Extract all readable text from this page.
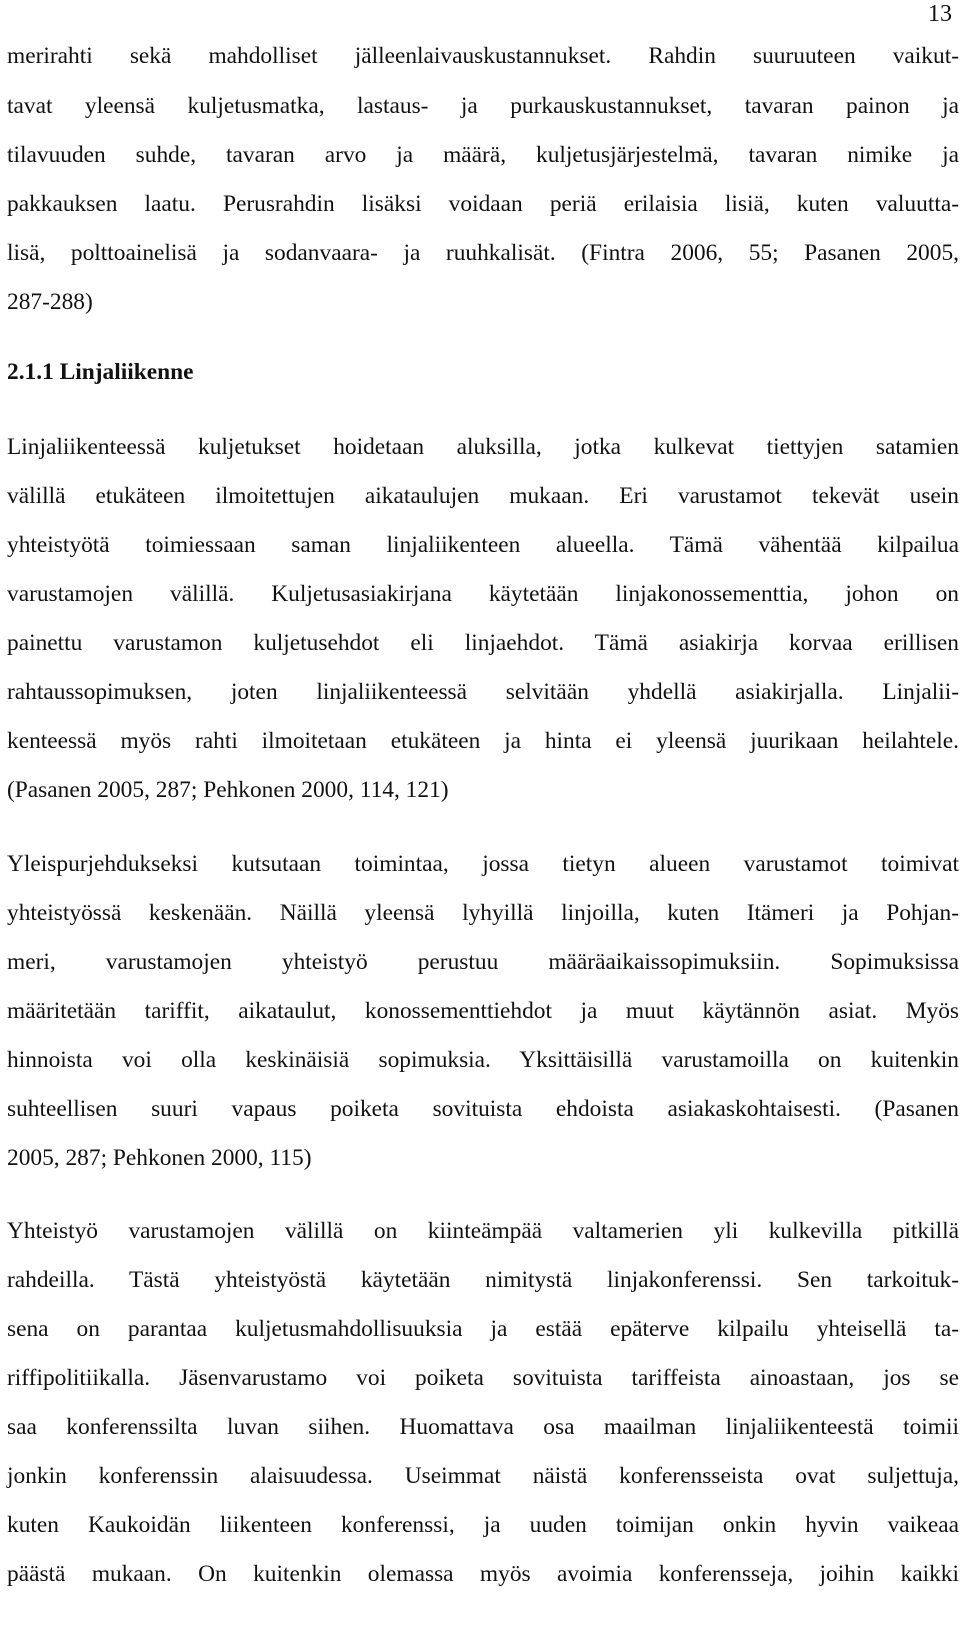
13
merirahti sekä mahdolliset jälleenlaivauskustannukset. Rahdin suuruuteen vaikut-
tavat yleensä kuljetusmatka, lastaus- ja purkauskustannukset, tavaran painon ja
tilavuuden suhde, tavaran arvo ja määrä, kuljetusjärjestelmä, tavaran nimike ja
pakkauksen laatu. Perusrahdin lisäksi voidaan periä erilaisia lisiä, kuten valuutta-
lisä, polttoainelisä ja sodanvaara- ja ruuhkalisät. (Fintra 2006, 55; Pasanen 2005,
287-288)
2.1.1 Linjaliikenne
Linjaliikenteessä kuljetukset hoidetaan aluksilla, jotka kulkevat tiettyjen satamien
välillä etukäteen ilmoitettujen aikataulujen mukaan. Eri varustamot tekevät usein
yhteistyötä toimiessaan saman linjaliikenteen alueella. Tämä vähentää kilpailua
varustamojen välillä. Kuljetusasiakirjana käytetään linjakonossementtia, johon on
painettu varustamon kuljetusehdot eli linjaehdot. Tämä asiakirja korvaa erillisen
rahtaussopimuksen, joten linjaliikenteessä selvitään yhdellä asiakirjalla. Linjalii-
kenteessä myös rahti ilmoitetaan etukäteen ja hinta ei yleensä juurikaan heilahtele.
(Pasanen 2005, 287; Pehkonen 2000, 114, 121)
Yleispurjehdukseksi kutsutaan toimintaa, jossa tietyn alueen varustamot toimivat
yhteistyössä keskenään. Näillä yleensä lyhyillä linjoilla, kuten Itämeri ja Pohjan-
meri, varustamojen yhteistyö perustuu määräaikaissopimuksiin. Sopimuksissa
määritetään tariffit, aikataulut, konossementtiehdot ja muut käytännön asiat. Myös
hinnoista voi olla keskinäisiä sopimuksia. Yksittäisillä varustamoilla on kuitenkin
suhteellisen suuri vapaus poiketa sovituista ehdoista asiakaskohtaisesti. (Pasanen
2005, 287; Pehkonen 2000, 115)
Yhteistyö varustamojen välillä on kiinteämpää valtamerien yli kulkevilla pitkillä
rahdeilla. Tästä yhteistyöstä käytetään nimitystä linjakonferenssi. Sen tarkoituk-
sena on parantaa kuljetusmahdollisuuksia ja estää epäterve kilpailu yhteisellä ta-
riffipolitiikalla. Jäsenvarustamo voi poiketa sovituista tariffeista ainoastaan, jos se
saa konferenssilta luvan siihen. Huomattava osa maailman linjaliikenteestä toimii
jonkin konferenssin alaisuudessa. Useimmat näistä konferensseista ovat suljettuja,
kuten Kaukoidän liikenteen konferenssi, ja uuden toimijan onkin hyvin vaikeaa
päästä mukaan. On kuitenkin olemassa myös avoimia konferensseja, joihin kaikki
